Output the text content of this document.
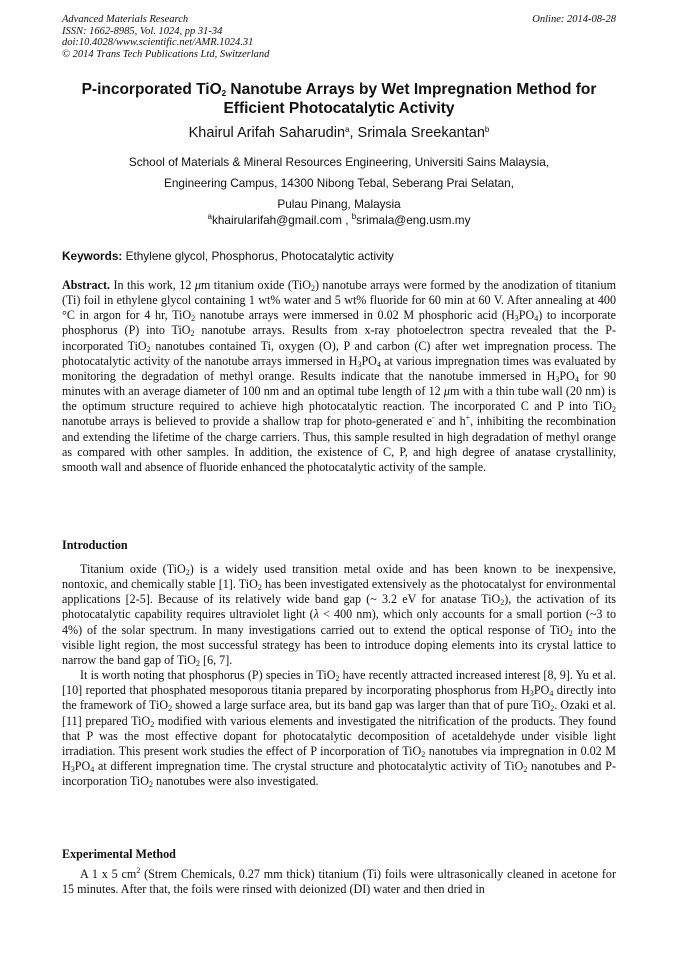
Advanced Materials Research
ISSN: 1662-8985, Vol. 1024, pp 31-34
doi:10.4028/www.scientific.net/AMR.1024.31
© 2014 Trans Tech Publications Ltd, Switzerland
Online: 2014-08-28
P-incorporated TiO$_2$ Nanotube Arrays by Wet Impregnation Method for
Efficient Photocatalytic Activity
Khairul Arifah Saharudin$^a$, Srimala Sreekantan$^b$
School of Materials & Mineral Resources Engineering, Universiti Sains Malaysia,
Engineering Campus, 14300 Nibong Tebal, Seberang Prai Selatan,
Pulau Pinang, Malaysia
$^a$khairularifah@gmail.com , $^b$srimala@eng.usm.my
Keywords: Ethylene glycol, Phosphorus, Photocatalytic activity
Abstract. In this work, 12 μm titanium oxide (TiO$_2$) nanotube arrays were formed by the anodization of titanium (Ti) foil in ethylene glycol containing 1 wt% water and 5 wt% fluoride for 60 min at 60 V. After annealing at 400 °C in argon for 4 hr, TiO$_2$ nanotube arrays were immersed in 0.02 M phosphoric acid $(H_3PO_4)$ to incorporate phosphorus (P) into TiO$_2$ nanotube arrays. Results from x-ray photoelectron spectra revealed that the P-incorporated TiO$_2$ nanotubes contained Ti, oxygen (O), P and carbon (C) after wet impregnation process. The photocatalytic activity of the nanotube arrays immersed in $H_3PO_4$ at various impregnation times was evaluated by monitoring the degradation of methyl orange. Results indicate that the nanotube immersed in $H_3PO_4$ for 90 minutes with an average diameter of 100 nm and an optimal tube length of 12 μm with a thin tube wall (20 nm) is the optimum structure required to achieve high photocatalytic reaction. The incorporated C and P into TiO$_2$ nanotube arrays is believed to provide a shallow trap for photo-generated e- and h+, inhibiting the recombination and extending the lifetime of the charge carriers. Thus, this sample resulted in high degradation of methyl orange as compared with other samples. In addition, the existence of C, P, and high degree of anatase crystallinity, smooth wall and absence of fluoride enhanced the photocatalytic activity of the sample.
Introduction

Titanium oxide (TiO$_2$) is a widely used transition metal oxide and has been known to be inexpensive, nontoxic, and chemically stable [1]. TiO$_2$ has been investigated extensively as the photocatalyst for environmental applications [2-5]. Because of its relatively wide band gap (~ 3.2 eV for anatase TiO$_2$), the activation of its photocatalytic capability requires ultraviolet light (λ < 400 nm), which only accounts for a small portion (~3 to 4%) of the solar spectrum. In many investigations carried out to extend the optical response of TiO$_2$ into the visible light region, the most successful strategy has been to introduce doping elements into its crystal lattice to narrow the band gap of TiO$_2$ [6, 7].

It is worth noting that phosphorus (P) species in TiO$_2$ have recently attracted increased interest [8, 9]. Yu et al.[10] reported that phosphated mesoporous titania prepared by incorporating phosphorus from $H_3PO_4$ directly into the framework of TiO$_2$ showed a large surface area, but its band gap was larger than that of pure TiO$_2$. Ozaki et al.[11] prepared TiO$_2$ modified with various elements and investigated the nitrification of the products. They found that P was the most effective dopant for photocatalytic decomposition of acetaldehyde under visible light irradiation. This present work studies the effect of P incorporation of TiO$_2$ nanotubes via impregnation in 0.02 M $H_3PO_4$ at different impregnation time. The crystal structure and photocatalytic activity of TiO$_2$ nanotubes and P-incorporation TiO$_2$ nanotubes were also investigated.

Experimental Method

A 1 x 5 $cm^2$ (Strem Chemicals, 0.27 mm thick) titanium (Ti) foils were ultrasonically cleaned in acetone for 15 minutes. After that, the foils were rinsed with deionized (DI) water and then dried in
